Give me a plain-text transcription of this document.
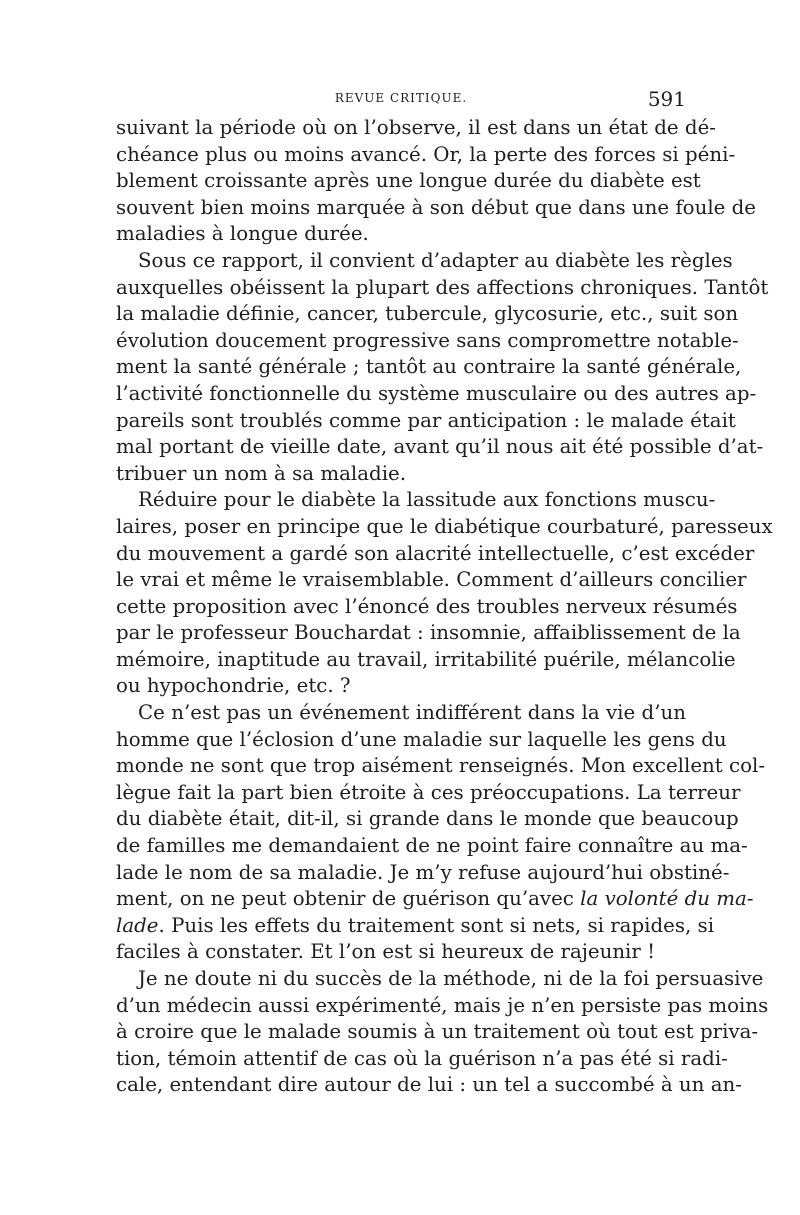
REVUE CRITIQUE.	591

suivant la période où on l’observe, il est dans un état de dé-
chéance plus ou moins avancé. Or, la perte des forces si péni-
blement croissante après une longue durée du diabète est
souvent bien moins marquée à son début que dans une foule de
maladies à longue durée.

Sous ce rapport, il convient d’adapter au diabète les règles
auxquelles obéissent la plupart des affections chroniques. Tantôt
la maladie définie, cancer, tubercule, glycosurie, etc., suit son
évolution doucement progressive sans compromettre notable-
ment la santé générale ; tantôt au contraire la santé générale,
l’activité fonctionnelle du système musculaire ou des autres ap-
pareils sont troublés comme par anticipation : le malade était
mal portant de vieille date, avant qu’il nous ait été possible d’at-
tribuer un nom à sa maladie.

Réduire pour le diabète la lassitude aux fonctions muscu-
laires, poser en principe que le diabétique courbaturé, paresseux
du mouvement a gardé son alacrité intellectuelle, c’est excéder
le vrai et même le vraisemblable. Comment d’ailleurs concilier
cette proposition avec l’énoncé des troubles nerveux résumés
par le professeur Bouchardat : insomnie, affaiblissement de la
mémoire, inaptitude au travail, irritabilité puérile, mélancolie
ou hypochondrie, etc. ?

Ce n’est pas un événement indifférent dans la vie d’un
homme que l’éclosion d’une maladie sur laquelle les gens du
monde ne sont que trop aisément renseignés. Mon excellent col-
lègue fait la part bien étroite à ces préoccupations. La terreur
du diabète était, dit-il, si grande dans le monde que beaucoup
de familles me demandaient de ne point faire connaître au ma-
lade le nom de sa maladie. Je m’y refuse aujourd’hui obstiné-
ment, on ne peut obtenir de guérison qu’avec la volonté du ma-
lade. Puis les effets du traitement sont si nets, si rapides, si
faciles à constater. Et l’on est si heureux de rajeunir !

Je ne doute ni du succès de la méthode, ni de la foi persuasive
d’un médecin aussi expérimenté, mais je n’en persiste pas moins
à croire que le malade soumis à un traitement où tout est priva-
tion, témoin attentif de cas où la guérison n’a pas été si radi-
cale, entendant dire autour de lui : un tel a succombé à un an-
